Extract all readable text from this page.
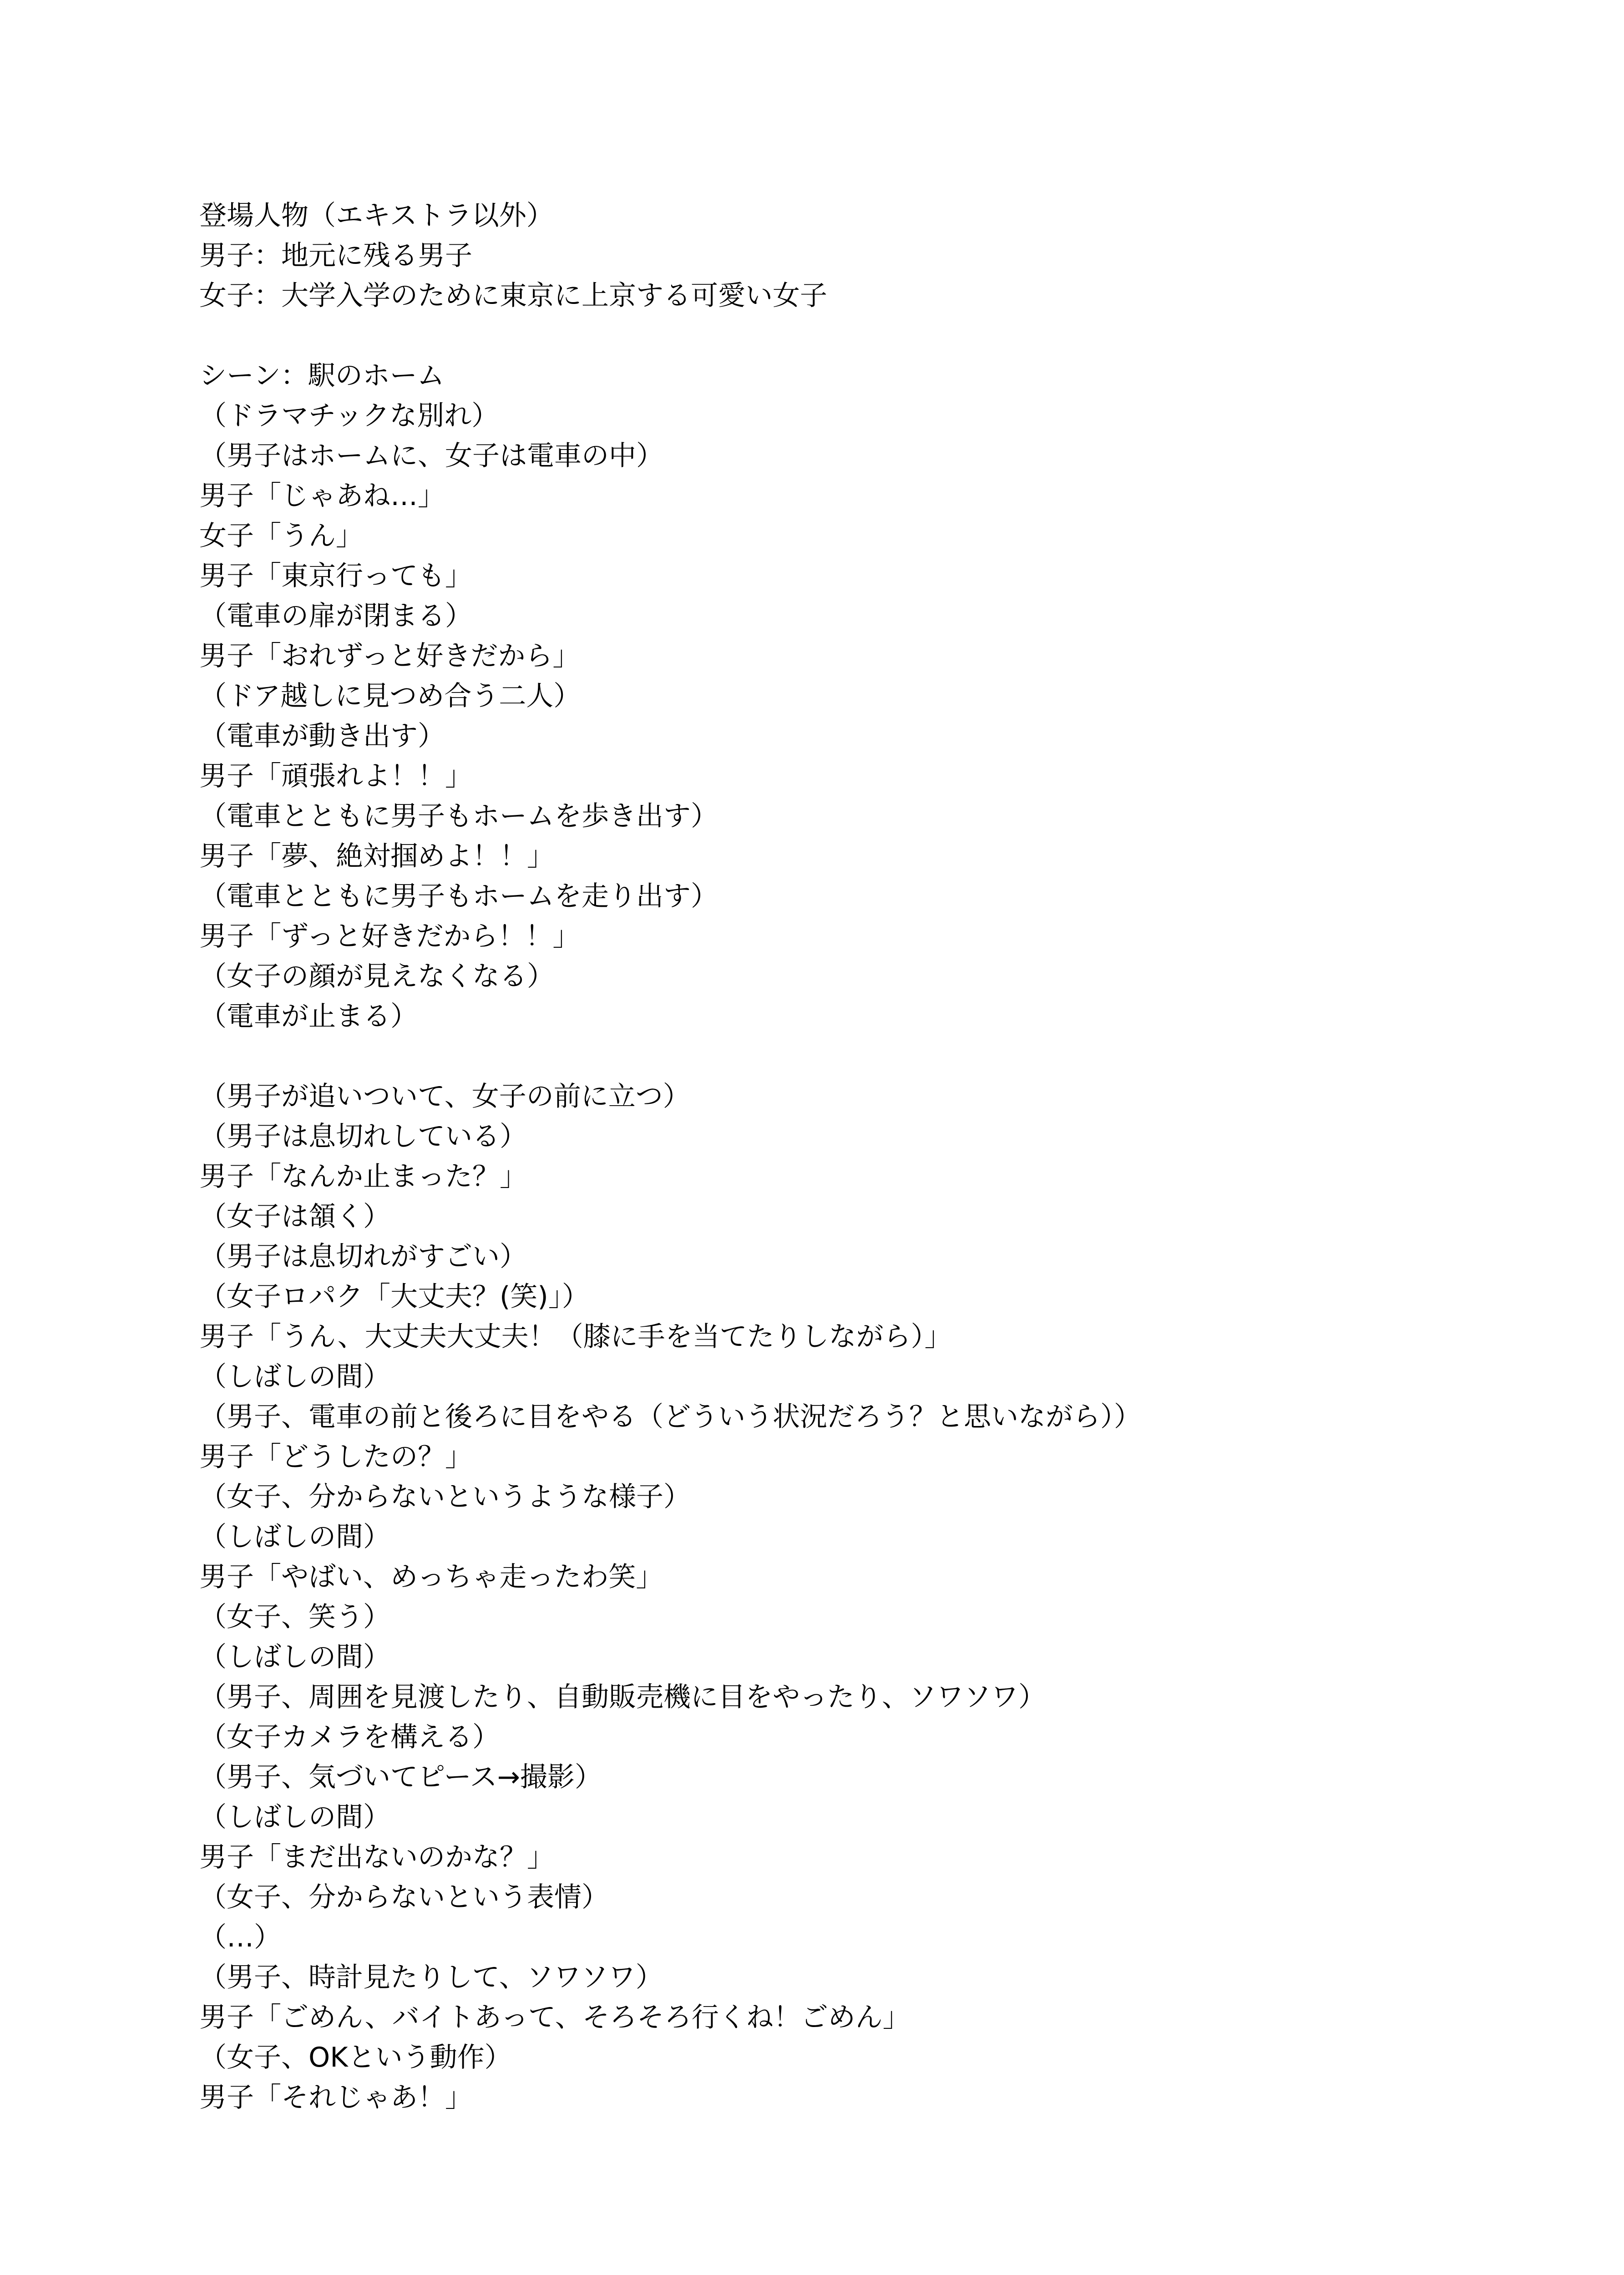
登場人物（エキストラ以外）
男子：地元に残る男子
女子：大学入学のために東京に上京する可愛い女子
シーン：駅のホーム
（ドラマチックな別れ）
（男子はホームに、女子は電車の中）
男子「じゃあね…」
女子「うん」
男子「東京行っても」
（電車の扉が閉まる）
男子「おれずっと好きだから」
（ドア越しに見つめ合う二人）
（電車が動き出す）
男子「頑張れよ！！」
（電車とともに男子もホームを歩き出す）
男子「夢、絶対掴めよ！！」
（電車とともに男子もホームを走り出す）
男子「ずっと好きだから！！」
（女子の顔が見えなくなる）
（電車が止まる）
（男子が追いついて、女子の前に立つ）
（男子は息切れしている）
男子「なんか止まった？」
（女子は頷く）
（男子は息切れがすごい）
（女子ロパク「大丈夫？(笑)」）
男子「うん、大丈夫大丈夫！（膝に手を当てたりしながら）」
（しばしの間）
（男子、電車の前と後ろに目をやる（どういう状況だろう？と思いながら））
男子「どうしたの？」
（女子、分からないというような様子）
（しばしの間）
男子「やばい、めっちゃ走ったわ笑」
（女子、笑う）
（しばしの間）
（男子、周囲を見渡したり、自動販売機に目をやったり、ソワソワ）
（女子カメラを構える）
（男子、気づいてピース→撮影）
（しばしの間）
男子「まだ出ないのかな？」
（女子、分からないという表情）
（…）
（男子、時計見たりして、ソワソワ）
男子「ごめん、バイトあって、そろそろ行くね！ごめん」
（女子、OKという動作）
男子「それじゃあ！」
